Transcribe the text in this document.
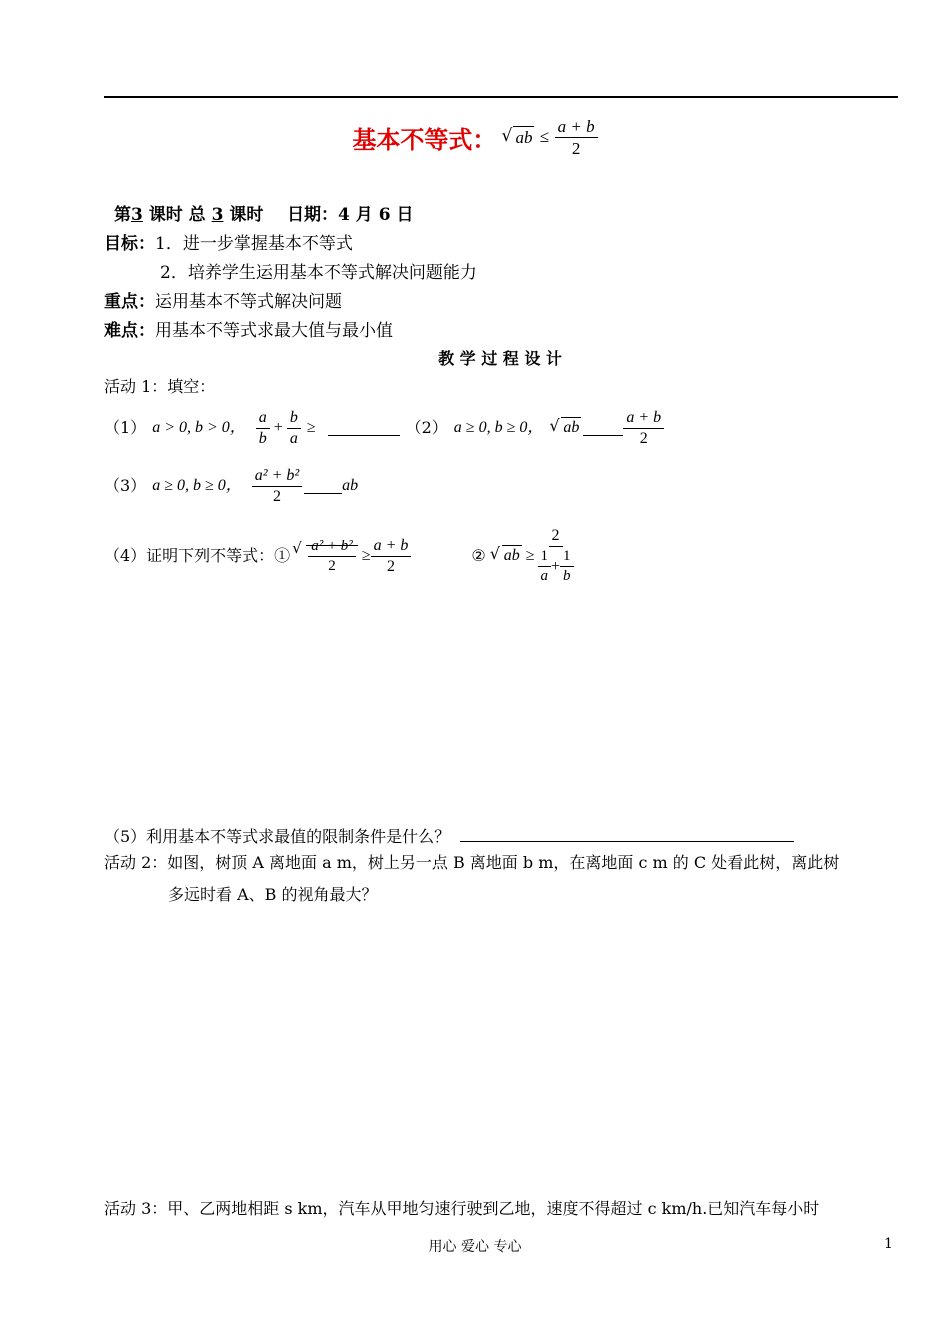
基本不等式： √ ab ≤ $\frac{a + b}{2}$
第3 课时 总 3 课时 日期：4 月 6 日
目标：1．进一步掌握基本不等式
2．培养学生运用基本不等式解决问题能力
重点：运用基本不等式解决问题
难点：用基本不等式求最大值与最小值
教 学 过 程 设 计
活动 1：填空：
（1） a > 0, b > 0， $\frac{a}{b} + \frac{b}{a}$ ≥	（2） a ≥ 0, b ≥ 0，	√ ab	$\frac{a + b}{2}$
（3） a ≥ 0, b ≥ 0， $\frac{\text{a² + b²}}{2}$	ab
（4）证明下列不等式：① √ $\frac{\text{a² + b²}}{2} \ge \frac{a + b}{2}$	②	√ ab ≥ $\frac{2}{\frac{1}{a} + \frac{1}{b}}$
（5）利用基本不等式求最值的限制条件是什么？
活动 2：如图，树顶 A 离地面 a m，树上另一点 B 离地面 b m，在离地面 c m 的 C 处看此树，离此树
多远时看 A、B 的视角最大？
活动 3：甲、乙两地相距 s km，汽车从甲地匀速行驶到乙地，速度不得超过 c km/h.已知汽车每小时
用心 爱心 专心	1
